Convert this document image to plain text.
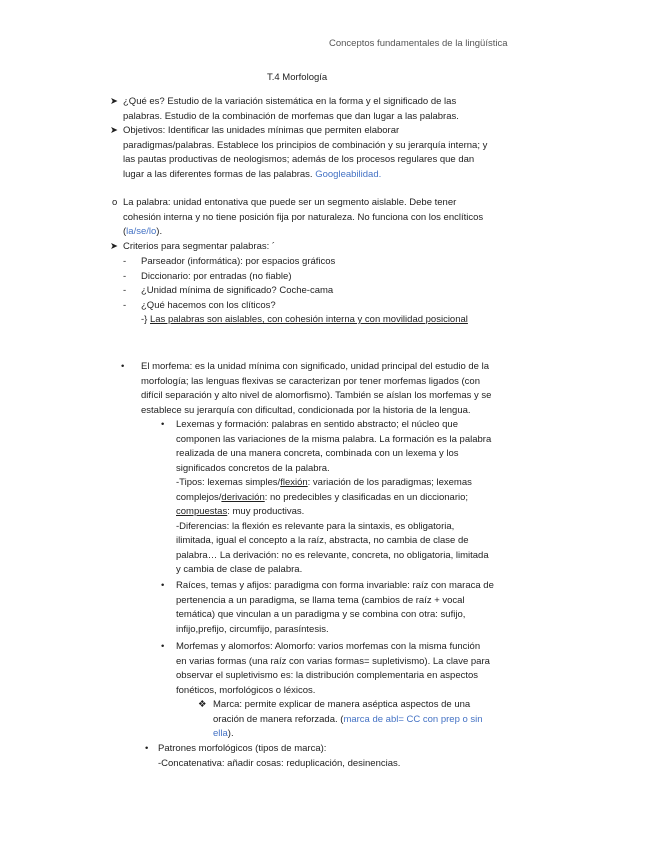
Conceptos fundamentales de la lingüística
T.4 Morfología
➤ ¿Qué es? Estudio de la variación sistemática en la forma y el significado de las
palabras. Estudio de la combinación de morfemas que dan lugar a las palabras.
➤ Objetivos: Identificar las unidades mínimas que permiten elaborar
paradigmas/palabras. Establece los principios de combinación y su jerarquía interna; y
las pautas productivas de neologismos; además de los procesos regulares que dan
lugar a las diferentes formas de las palabras. Googleabilidad.
o La palabra: unidad entonativa que puede ser un segmento aislable. Debe tener
cohesión interna y no tiene posición fija por naturaleza. No funciona con los enclíticos
(la/se/lo).
➤ Criterios para segmentar palabras: ´
- Parseador (informática): por espacios gráficos
- Diccionario: por entradas (no fiable)
- ¿Unidad mínima de significado? Coche-cama
- ¿Qué hacemos con los clíticos?
-} Las palabras son aislables, con cohesión interna y con movilidad posicional
• El morfema: es la unidad mínima con significado, unidad principal del estudio de la
morfología; las lenguas flexivas se caracterizan por tener morfemas ligados (con
difícil separación y alto nivel de alomorfismo). También se aíslan los morfemas y se
establece su jerarquía con dificultad, condicionada por la historia de la lengua.
• Lexemas y formación: palabras en sentido abstracto; el núcleo que
componen las variaciones de la misma palabra. La formación es la palabra
realizada de una manera concreta, combinada con un lexema y los
significados concretos de la palabra.
-Tipos: lexemas simples/flexión: variación de los paradigmas; lexemas
complejos/derivación: no predecibles y clasificadas en un diccionario;
compuestas: muy productivas.
-Diferencias: la flexión es relevante para la sintaxis, es obligatoria,
ilimitada, igual el concepto a la raíz, abstracta, no cambia de clase de
palabra… La derivación: no es relevante, concreta, no obligatoria, limitada
y cambia de clase de palabra.
• Raíces, temas y afijos: paradigma con forma invariable: raíz con maraca de
pertenencia a un paradigma, se llama tema (cambios de raíz + vocal
temática) que vinculan a un paradigma y se combina con otra: sufijo,
infijo,prefijo, circumfijo, parasíntesis.
• Morfemas y alomorfos: Alomorfo: varios morfemas con la misma función
en varias formas (una raíz con varias formas= supletivismo). La clave para
observar el supletivismo es: la distribución complementaria en aspectos
fonéticos, morfológicos o léxicos.
❖ Marca: permite explicar de manera aséptica aspectos de una
oración de manera reforzada. (marca de abl= CC con prep o sin
ella).
• Patrones morfológicos (tipos de marca):
-Concatenativa: añadir cosas: reduplicación, desinencias.
